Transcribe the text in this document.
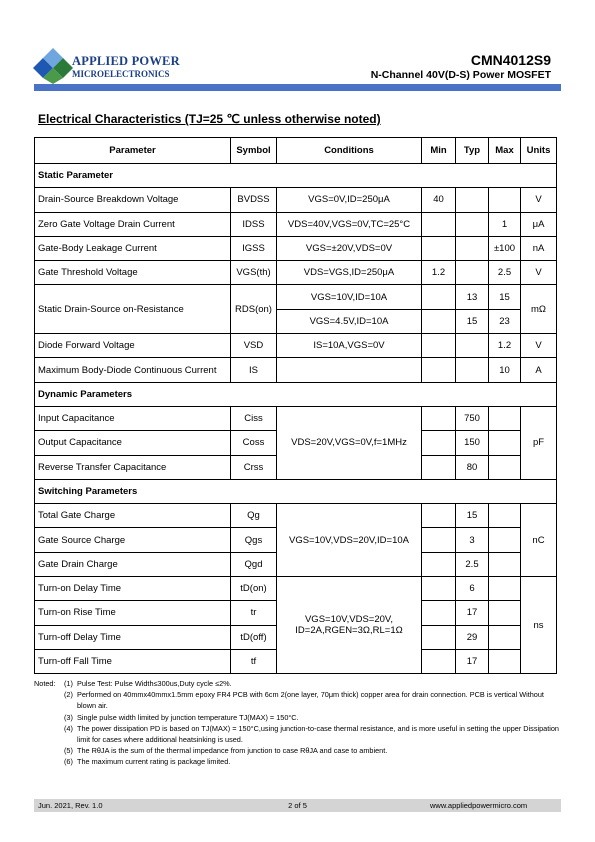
APPLIED POWER
MICROELECTRONICS
CMN4012S9
N-Channel 40V(D-S) Power MOSFET
Electrical Characteristics (TJ=25 ℃ unless otherwise noted)
Parameter	Symbol	Conditions	Min	Typ	Max	Units
Static Parameter						
Drain-Source Breakdown Voltage	BVDSS	VGS=0V,ID=250μA	40			V
Zero Gate Voltage Drain Current	IDSS	VDS=40V,VGS=0V,TC=25°C			1	μA
Gate-Body Leakage Current	IGSS	VGS=±20V,VDS=0V			±100	nA
Gate Threshold Voltage	VGS(th)	VDS=VGS,ID=250μA	1.2		2.5	V
Static Drain-Source on-Resistance	RDS(on)	VGS=10V,ID=10A		13	15	mΩ
		VGS=4.5V,ID=10A		15	23	
Diode Forward Voltage	VSD	IS=10A,VGS=0V			1.2	V
Maximum Body-Diode Continuous Current	IS				10	A
Dynamic Parameters						
Input Capacitance	Ciss	VDS=20V,VGS=0V,f=1MHz		750		pF
Output Capacitance	Coss			150		
Reverse Transfer Capacitance	Crss			80		
Switching Parameters						
Total Gate Charge	Qg	VGS=10V,VDS=20V,ID=10A		15		nC
Gate Source Charge	Qgs			3		
Gate Drain Charge	Qgd			2.5		
Turn-on Delay Time	tD(on)	VGS=10V,VDS=20V,
ID=2A,RGEN=3Ω,RL=1Ω		6		ns
Turn-on Rise Time	tr			17		
Turn-off Delay Time	tD(off)			29		
Turn-off Fall Time	tf			17		
Noted:	(1) Pulse Test: Pulse Width≤300us,Duty cycle ≤2%.
(2) Performed on 40mmx40mmx1.5mm epoxy FR4 PCB with 6cm 2(one layer, 70μm thick) copper area for drain connection. PCB is vertical Without blown air.
(3) Single pulse width limited by junction temperature TJ(MAX) = 150°C.
(4) The power dissipation PD is based on TJ(MAX) = 150°C,using junction-to-case thermal resistance, and is more useful in setting the upper Dissipation limit for cases where additional heatsinking is used.
(5) The RθJA is the sum of the thermal impedance from junction to case RθJA and case to ambient.
(6) The maximum current rating is package limited.
Jun. 2021, Rev. 1.0	2 of 5	www.appliedpowermicro.com
